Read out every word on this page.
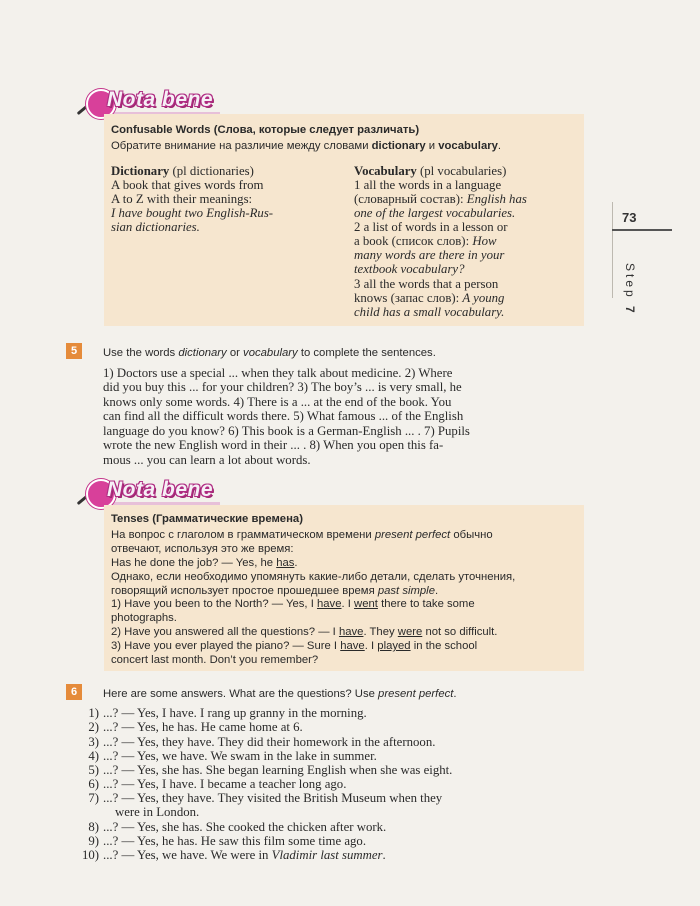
Nota bene

Confusable Words (Слова, которые следует различать)

Обратите внимание на различие между словами dictionary и vocabulary.

Dictionary (pl dictionaries)

A book that gives words from

A to Z with their meanings:

I have bought two English-Rus-

sian dictionaries.

Vocabulary (pl vocabularies)

1 all the words in a language

(словарный состав): English has

one of the largest vocabularies.

2 a list of words in a lesson or

a book (список слов): How

many words are there in your

textbook vocabulary?

3 all the words that a person

knows (запас слов): A young

child has a small vocabulary.

73
Step 7
5	Use the words dictionary or vocabulary to complete the sentences.

1) Doctors use a special ... when they talk about medicine. 2) Where

did you buy this ... for your children? 3) The boy’s ... is very small, he

knows only some words. 4) There is a ... at the end of the book. You

can find all the difficult words there. 5) What famous ... of the English

language do you know? 6) This book is a German-English ... . 7) Pupils

wrote the new English word in their ... . 8) When you open this fa-

mous ... you can learn a lot about words.

Nota bene

Tenses (Грамматические времена)

На вопрос с глаголом в грамматическом времени present perfect обычно

отвечают, используя это же время:

Has he done the job? — Yes, he has.

Однако, если необходимо упомянуть какие-либо детали, сделать уточнения,

говорящий использует простое прошедшее время past simple.

1) Have you been to the North? — Yes, I have. I went there to take some

photographs.

2) Have you answered all the questions? — I have. They were not so difficult.

3) Have you ever played the piano? — Sure I have. I played in the school

concert last month. Don’t you remember?

6	Here are some answers. What are the questions? Use present perfect.

1) ...? — Yes, I have. I rang up granny in the morning.

2) ...? — Yes, he has. He came home at 6.

3) ...? — Yes, they have. They did their homework in the afternoon.

4) ...? — Yes, we have. We swam in the lake in summer.

5) ...? — Yes, she has. She began learning English when she was eight.

6) ...? — Yes, I have. I became a teacher long ago.

7) ...? — Yes, they have. They visited the British Museum when they

were in London.

8) ...? — Yes, she has. She cooked the chicken after work.

9) ...? — Yes, he has. He saw this film some time ago.

10) ...? — Yes, we have. We were in Vladimir last summer.
